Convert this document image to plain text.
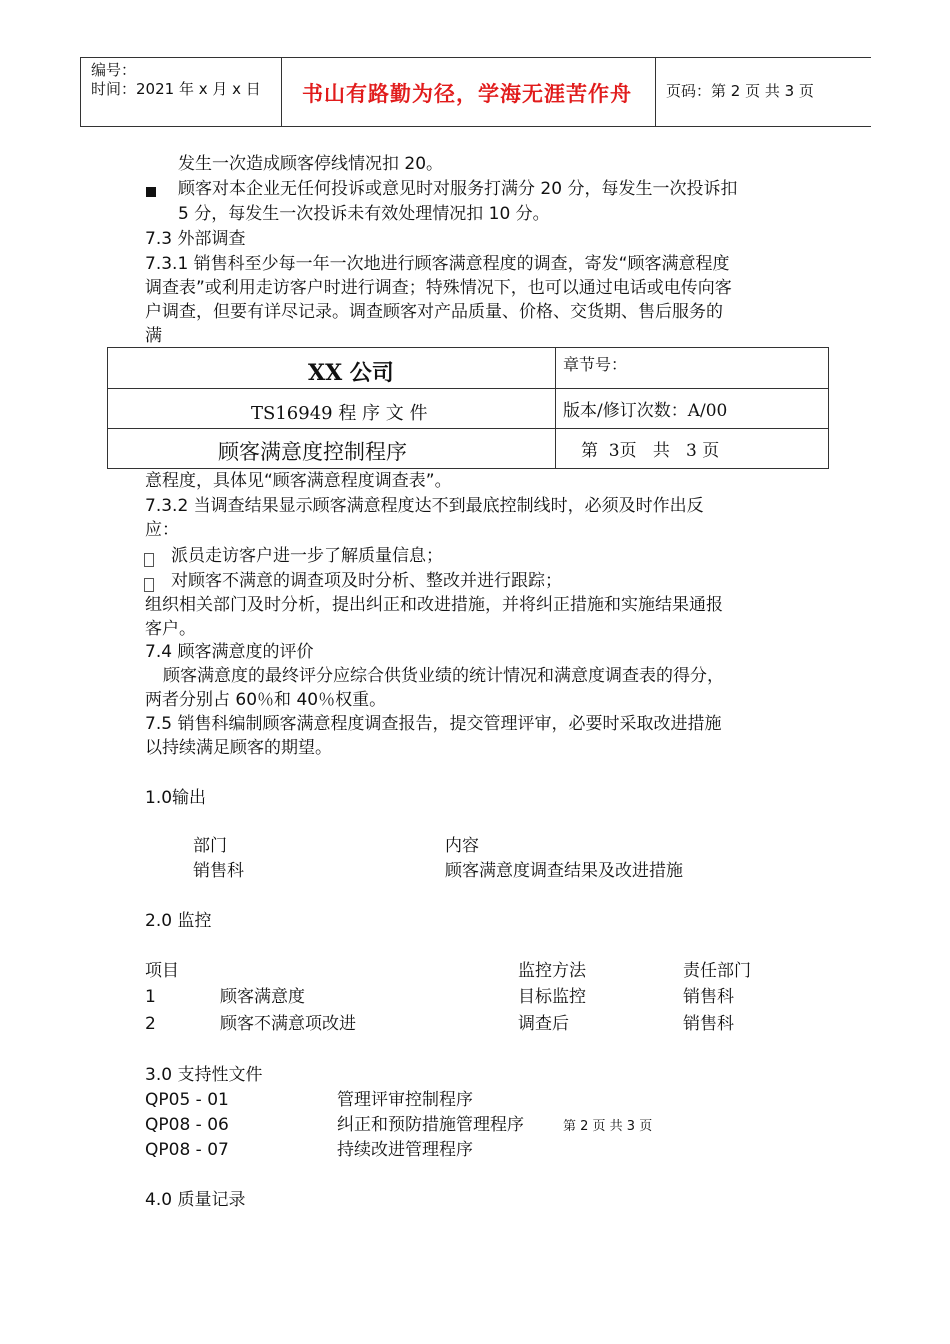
编号：
时间：2021 年 x 月 x 日 书山有路勤为径，学海无涯苦作舟 页码：第 2 页 共 3 页
发生一次造成顾客停线情况扣 20。
顾客对本企业无任何投诉或意见时对服务打满分 20 分，每发生一次投诉扣
5 分，每发生一次投诉未有效处理情况扣 10 分。
7.3 外部调查
7.3.1 销售科至少每一年一次地进行顾客满意程度的调查，寄发“顾客满意程度
调查表”或利用走访客户时进行调查；特殊情况下，也可以通过电话或电传向客
户调查，但要有详尽记录。调查顾客对产品质量、价格、交货期、售后服务的
满
XX 公司	章节号：
TS16949 程 序 文 件	版本/修订次数：A/00
顾客满意度控制程序	第  3页   共   3 页
意程度，具体见“顾客满意程度调查表”。
7.3.2 当调查结果显示顾客满意程度达不到最底控制线时，必须及时作出反
应：
派员走访客户进一步了解质量信息；
对顾客不满意的调查项及时分析、整改并进行跟踪；
组织相关部门及时分析，提出纠正和改进措施，并将纠正措施和实施结果通报
客户。
7.4 顾客满意度的评价
顾客满意度的最终评分应综合供货业绩的统计情况和满意度调查表的得分，
两者分别占 60％和 40％权重。
7.5 销售科编制顾客满意程度调查报告，提交管理评审，必要时采取改进措施
以持续满足顾客的期望。
1.0输出
部门	内容
销售科	顾客满意度调查结果及改进措施
2.0 监控
项目	监控方法	责任部门
1	顾客满意度	目标监控	销售科
2	顾客不满意项改进	调查后	销售科
3.0 支持性文件
QP05 - 01	管理评审控制程序
QP08 - 06	纠正和预防措施管理程序	第 2 页 共 3 页
QP08 - 07	持续改进管理程序
4.0 质量记录
